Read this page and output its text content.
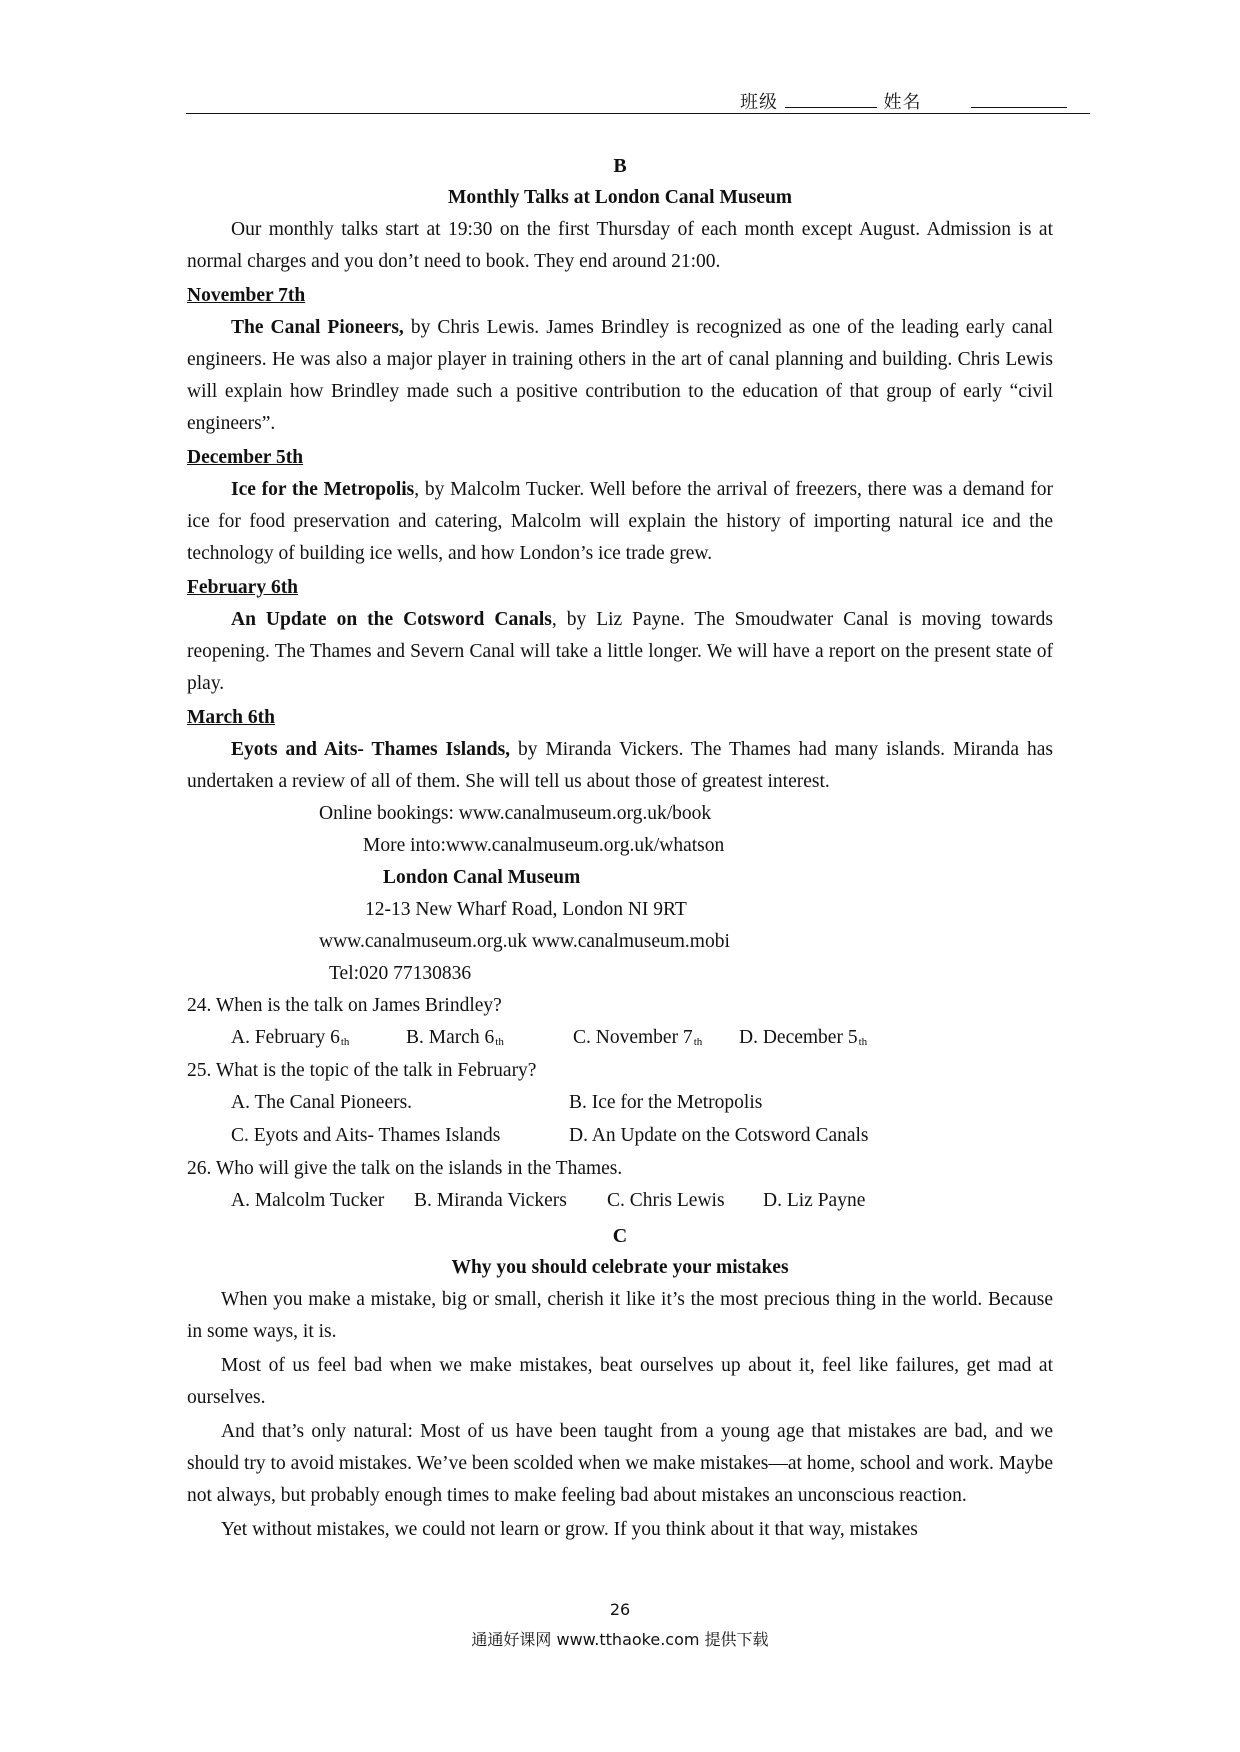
班级	姓名

B

Monthly Talks at London Canal Museum

Our monthly talks start at 19:30 on the first Thursday of each month except August. Admission is at normal charges and you don’t need to book. They end around 21:00.

November 7th

The Canal Pioneers, by Chris Lewis. James Brindley is recognized as one of the leading early canal engineers. He was also a major player in training others in the art of canal planning and building. Chris Lewis will explain how Brindley made such a positive contribution to the education of that group of early “civil engineers”.

December 5th

Ice for the Metropolis, by Malcolm Tucker. Well before the arrival of freezers, there was a demand for ice for food preservation and catering, Malcolm will explain the history of importing natural ice and the technology of building ice wells, and how London’s ice trade grew.

February 6th

An Update on the Cotsword Canals, by Liz Payne. The Smoudwater Canal is moving towards reopening. The Thames and Severn Canal will take a little longer. We will have a report on the present state of play.

March 6th

Eyots and Aits- Thames Islands, by Miranda Vickers. The Thames had many islands. Miranda has undertaken a review of all of them. She will tell us about those of greatest interest.

Online bookings: www.canalmuseum.org.uk/book

More into:www.canalmuseum.org.uk/whatson

London Canal Museum

12-13 New Wharf Road, London NI 9RT

www.canalmuseum.org.uk www.canalmuseum.mobi

Tel:020 77130836

24. When is the talk on James Brindley?

A. February $6_{th}$	B. March $6_{th}$	C. November $7_{th}$ D. December $5_{th}$

25. What is the topic of the talk in February?

A. The Canal Pioneers.	B. Ice for the Metropolis
C. Eyots and Aits- Thames Islands	D. An Update on the Cotsword Canals

26. Who will give the talk on the islands in the Thames.

A. Malcolm Tucker B. Miranda Vickers C. Chris Lewis D. Liz Payne

C

Why you should celebrate your mistakes

When you make a mistake, big or small, cherish it like it’s the most precious thing in the world. Because in some ways, it is.

Most of us feel bad when we make mistakes, beat ourselves up about it, feel like failures, get mad at ourselves.

And that’s only natural: Most of us have been taught from a young age that mistakes are bad, and we should try to avoid mistakes. We’ve been scolded when we make mistakes—at home, school and work. Maybe not always, but probably enough times to make feeling bad about mistakes an unconscious reaction.

Yet without mistakes, we could not learn or grow. If you think about it that way, mistakes

26
通通好课网 www.tthaoke.com 提供下载
